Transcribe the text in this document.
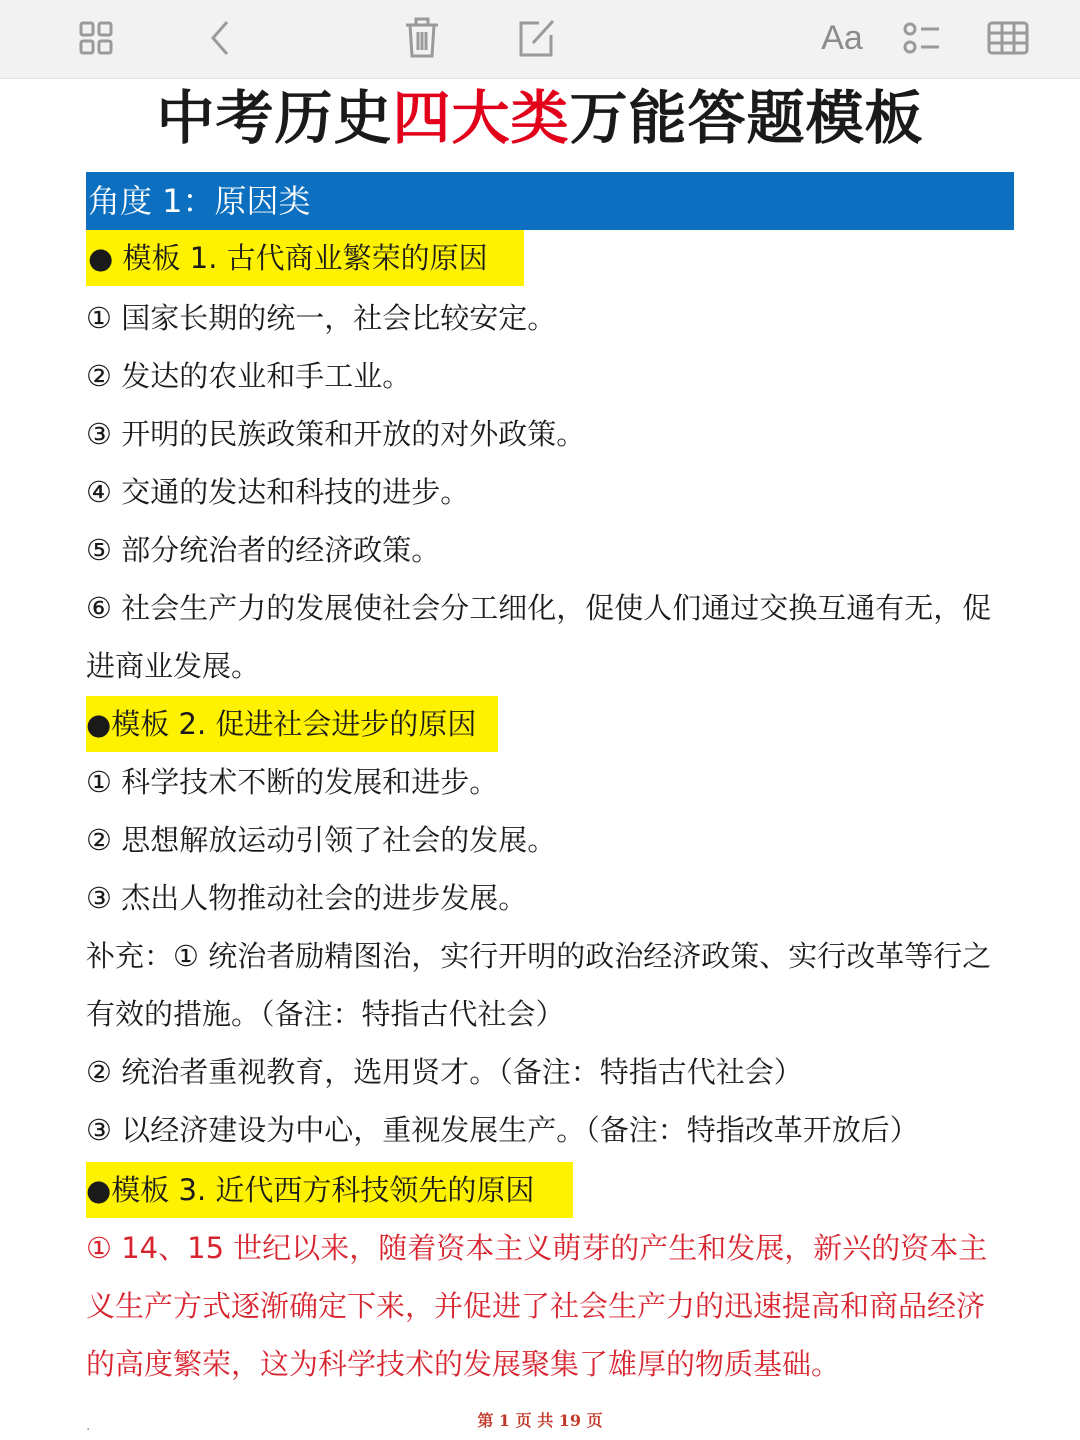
Aa
中考历史四大类万能答题模板
角度 1：原因类
● 模板 1. 古代商业繁荣的原因
① 国家长期的统一，社会比较安定。
② 发达的农业和手工业。
③ 开明的民族政策和开放的对外政策。
④ 交通的发达和科技的进步。
⑤ 部分统治者的经济政策。
⑥ 社会生产力的发展使社会分工细化，促使人们通过交换互通有无，促
进商业发展。
●模板 2. 促进社会进步的原因
① 科学技术不断的发展和进步。
② 思想解放运动引领了社会的发展。
③ 杰出人物推动社会的进步发展。
补充：① 统治者励精图治，实行开明的政治经济政策、实行改革等行之
有效的措施。（备注：特指古代社会）
② 统治者重视教育，选用贤才。（备注：特指古代社会）
③ 以经济建设为中心，重视发展生产。（备注：特指改革开放后）
●模板 3. 近代西方科技领先的原因
① 14、15 世纪以来，随着资本主义萌芽的产生和发展，新兴的资本主
义生产方式逐渐确定下来，并促进了社会生产力的迅速提高和商品经济
的高度繁荣，这为科学技术的发展聚集了雄厚的物质基础。
.	第 1 页 共 19 页
